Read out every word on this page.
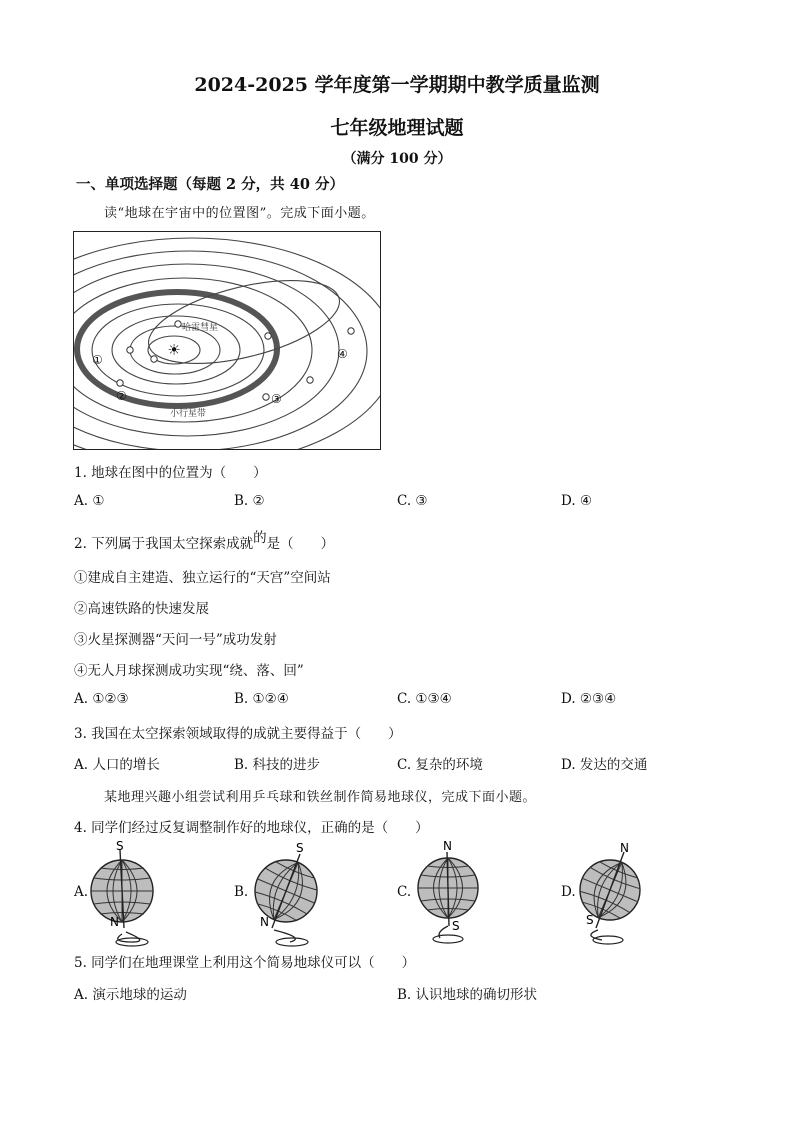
2024-2025 学年度第一学期期中教学质量监测
七年级地理试题
（满分 100 分）
一、单项选择题（每题 2 分，共 40 分）
读“地球在宇宙中的位置图”。完成下面小题。
☀
哈雷彗星
小行星带
①
②	③
④
1. 地球在图中的位置为（　　）
A. ①	B. ②	C. ③	D. ④
2. 下列属于我国太空探索成就的是（　　）
①建成自主建造、独立运行的“天宫”空间站
②高速铁路的快速发展
③火星探测器“天问一号”成功发射
④无人月球探测成功实现“绕、落、回”
A. ①②③	B. ①②④	C. ①③④	D. ②③④
3. 我国在太空探索领域取得的成就主要得益于（　　）
A. 人口的增长	B. 科技的进步	C. 复杂的环境	D. 发达的交通
某地理兴趣小组尝试利用乒乓球和铁丝制作简易地球仪，完成下面小题。
4. 同学们经过反复调整制作好的地球仪，正确的是（　　）
A.	B.	C.	D.
S
N
S
N
N
S
N
S
5. 同学们在地理课堂上利用这个简易地球仪可以（　　）
A. 演示地球的运动	B. 认识地球的确切形状
